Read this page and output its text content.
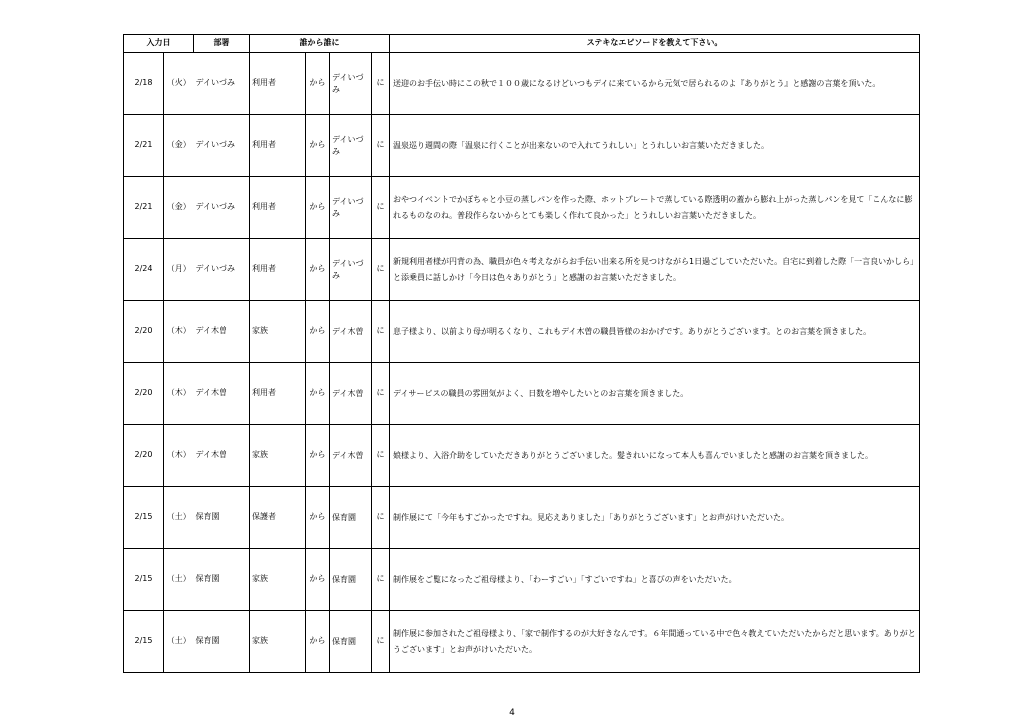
入力日		部署	誰から誰に				ステキなエピソードを教えて下さい。
2/18	（火）	デイいづみ	利用者	から	デイいづみ	に	送迎のお手伝い時にこの秋で１００歳になるけどいつもデイに来ているから元気で居られるのよ『ありがとう』と感謝の言葉を頂いた。
2/21	（金）	デイいづみ	利用者	から	デイいづみ	に	温泉巡り週間の際「温泉に行くことが出来ないので入れてうれしい」とうれしいお言葉いただきました。
2/21	（金）	デイいづみ	利用者	から	デイいづみ	に	おやつイベントでかぼちゃと小豆の蒸しパンを作った際、ホットプレートで蒸している際透明の蓋から膨れ上がった蒸しパンを見て「こんなに膨れるものなのね。普段作らないからとても楽しく作れて良かった」とうれしいお言葉いただきました。
2/24	（月）	デイいづみ	利用者	から	デイいづみ	に	新規利用者様が円背の為、職員が色々考えながらお手伝い出来る所を見つけながら1日過ごしていただいた。自宅に到着した際「一言良いかしら」と添乗員に話しかけ「今日は色々ありがとう」と感謝のお言葉いただきました。
2/20	（木）	デイ木曽	家族	から	デイ木曽	に	息子様より、以前より母が明るくなり、これもデイ木曽の職員皆様のおかげです。ありがとうございます。とのお言葉を頂きました。
2/20	（木）	デイ木曽	利用者	から	デイ木曽	に	デイサービスの職員の雰囲気がよく、日数を増やしたいとのお言葉を頂きました。
2/20	（木）	デイ木曽	家族	から	デイ木曽	に	娘様より、入浴介助をしていただきありがとうございました。髪きれいになって本人も喜んでいましたと感謝のお言葉を頂きました。
2/15	（土）	保育園	保護者	から	保育園	に	制作展にて「今年もすごかったですね。見応えありました」「ありがとうございます」とお声がけいただいた。
2/15	（土）	保育園	家族	から	保育園	に	制作展をご覧になったご祖母様より、「わーすごい」「すごいですね」と喜びの声をいただいた。
2/15	（土）	保育園	家族	から	保育園	に	制作展に参加されたご祖母様より、「家で制作するのが大好きなんです。６年間通っている中で色々教えていただいたからだと思います。ありがとうございます」とお声がけいただいた。
4
